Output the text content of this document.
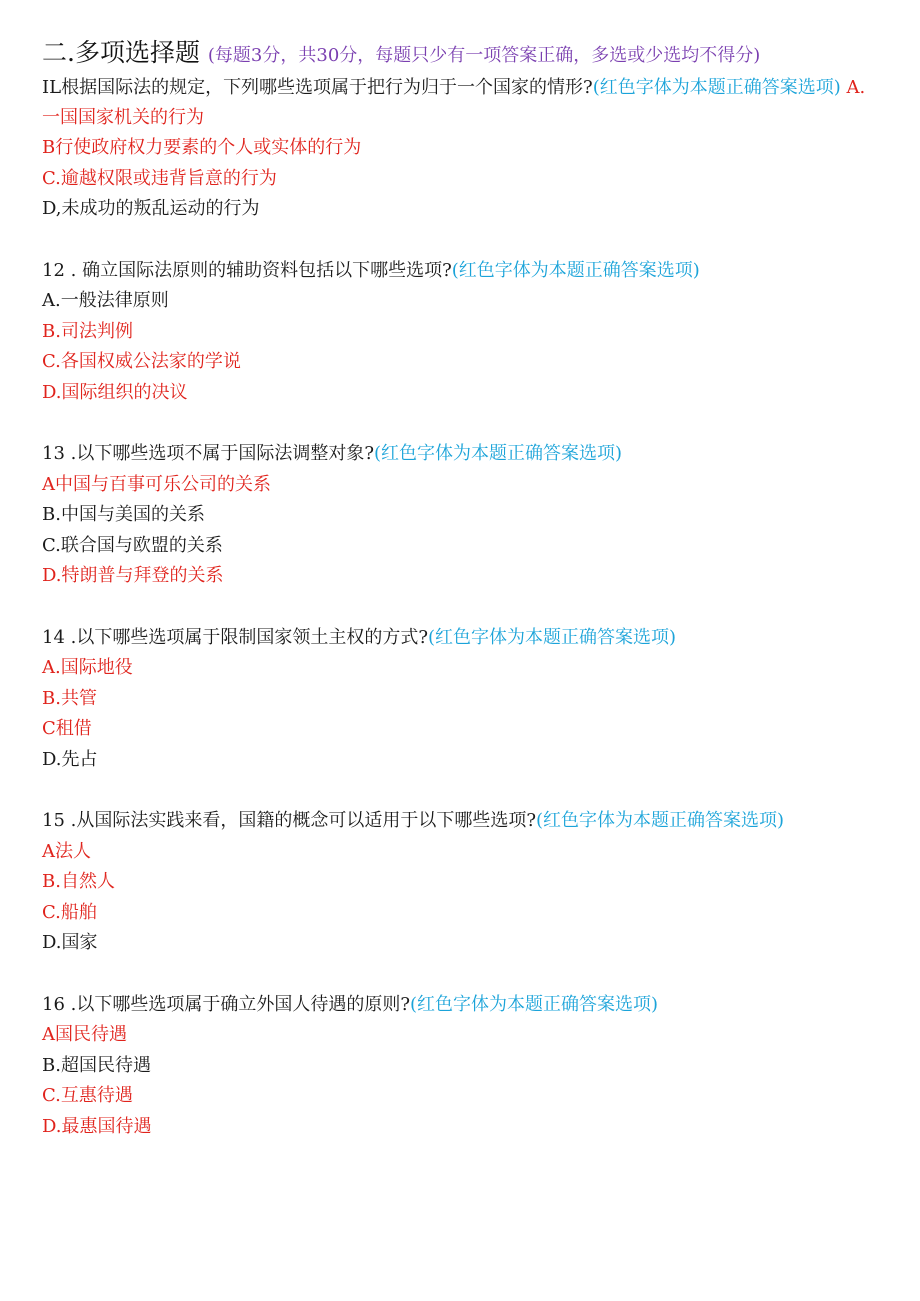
二.多项选择题 (每题3分，共30分，每题只少有一项答案正确，多选或少选均不得分)
IL根据国际法的规定，下列哪些选项属于把行为归于一个国家的情形?(红色字体为本题正确答案选项) A.一国国家机关的行为
B行使政府权力要素的个人或实体的行为
C.逾越权限或违背旨意的行为
D,未成功的叛乱运动的行为
12 . 确立国际法原则的辅助资料包括以下哪些选项?(红色字体为本题正确答案选项)
A.一般法律原则
B.司法判例
C.各国权威公法家的学说
D.国际组织的决议
13 .以下哪些选项不属于国际法调整对象?(红色字体为本题正确答案选项)
A中国与百事可乐公司的关系
B.中国与美国的关系
C.联合国与欧盟的关系
D.特朗普与拜登的关系
14 .以下哪些选项属于限制国家领土主权的方式?(红色字体为本题正确答案选项)
A.国际地役
B.共管
C租借
D.先占
15 .从国际法实践来看，国籍的概念可以适用于以下哪些选项?(红色字体为本题正确答案选项)
A法人
B.自然人
C.船舶
D.国家
16 .以下哪些选项属于确立外国人待遇的原则?(红色字体为本题正确答案选项)
A国民待遇
B.超国民待遇
C.互惠待遇
D.最惠国待遇
